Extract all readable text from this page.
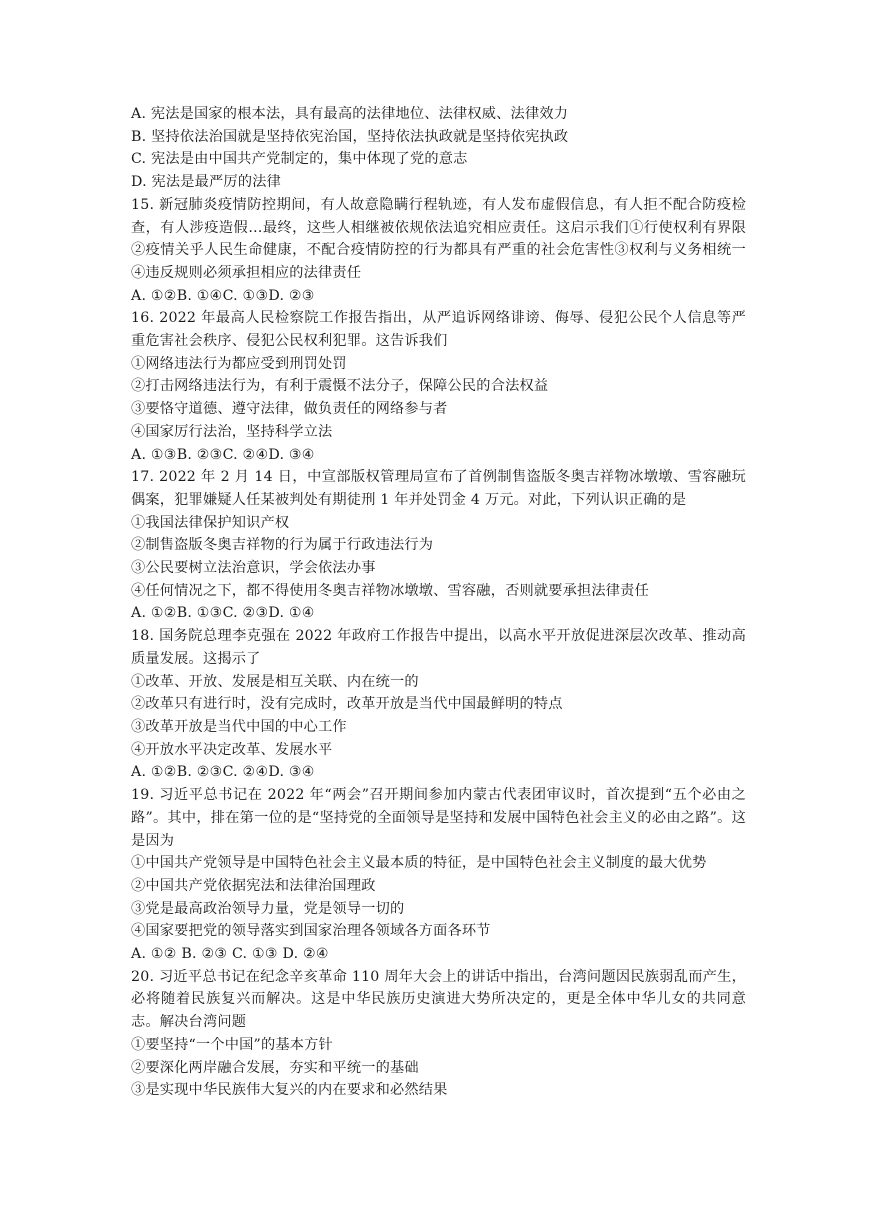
A. 宪法是国家的根本法，具有最高的法律地位、法律权威、法律效力
B. 坚持依法治国就是坚持依宪治国，坚持依法执政就是坚持依宪执政
C. 宪法是由中国共产党制定的，集中体现了党的意志
D. 宪法是最严厉的法律
15. 新冠肺炎疫情防控期间，有人故意隐瞒行程轨迹，有人发布虚假信息，有人拒不配合防疫检查，有人涉疫造假…最终，这些人相继被依规依法追究相应责任。这启示我们①行使权利有界限②疫情关乎人民生命健康，不配合疫情防控的行为都具有严重的社会危害性③权利与义务相统一④违反规则必须承担相应的法律责任
A. ①②B. ①④C. ①③D. ②③
16. 2022 年最高人民检察院工作报告指出，从严追诉网络诽谤、侮辱、侵犯公民个人信息等严重危害社会秩序、侵犯公民权利犯罪。这告诉我们
①网络违法行为都应受到刑罚处罚
②打击网络违法行为，有利于震慑不法分子，保障公民的合法权益
③要恪守道德、遵守法律，做负责任的网络参与者
④国家厉行法治，坚持科学立法
A. ①③B. ②③C. ②④D. ③④
17. 2022 年 2 月 14 日，中宣部版权管理局宣布了首例制售盗版冬奥吉祥物冰墩墩、雪容融玩偶案，犯罪嫌疑人任某被判处有期徒刑 1 年并处罚金 4 万元。对此，下列认识正确的是
①我国法律保护知识产权
②制售盗版冬奥吉祥物的行为属于行政违法行为
③公民要树立法治意识，学会依法办事
④任何情况之下，都不得使用冬奥吉祥物冰墩墩、雪容融，否则就要承担法律责任
A. ①②B. ①③C. ②③D. ①④
18. 国务院总理李克强在 2022 年政府工作报告中提出，以高水平开放促进深层次改革、推动高质量发展。这揭示了
①改革、开放、发展是相互关联、内在统一的
②改革只有进行时，没有完成时，改革开放是当代中国最鲜明的特点
③改革开放是当代中国的中心工作
④开放水平决定改革、发展水平
A. ①②B. ②③C. ②④D. ③④
19. 习近平总书记在 2022 年“两会”召开期间参加内蒙古代表团审议时，首次提到“五个必由之路”。其中，排在第一位的是“坚持党的全面领导是坚持和发展中国特色社会主义的必由之路”。这是因为
①中国共产党领导是中国特色社会主义最本质的特征，是中国特色社会主义制度的最大优势
②中国共产党依据宪法和法律治国理政
③党是最高政治领导力量，党是领导一切的
④国家要把党的领导落实到国家治理各领域各方面各环节
A. ①② B. ②③ C. ①③ D. ②④
20. 习近平总书记在纪念辛亥革命 110 周年大会上的讲话中指出，台湾问题因民族弱乱而产生，必将随着民族复兴而解决。这是中华民族历史演进大势所决定的，更是全体中华儿女的共同意志。解决台湾问题
①要坚持“一个中国”的基本方针
②要深化两岸融合发展，夯实和平统一的基础
③是实现中华民族伟大复兴的内在要求和必然结果
